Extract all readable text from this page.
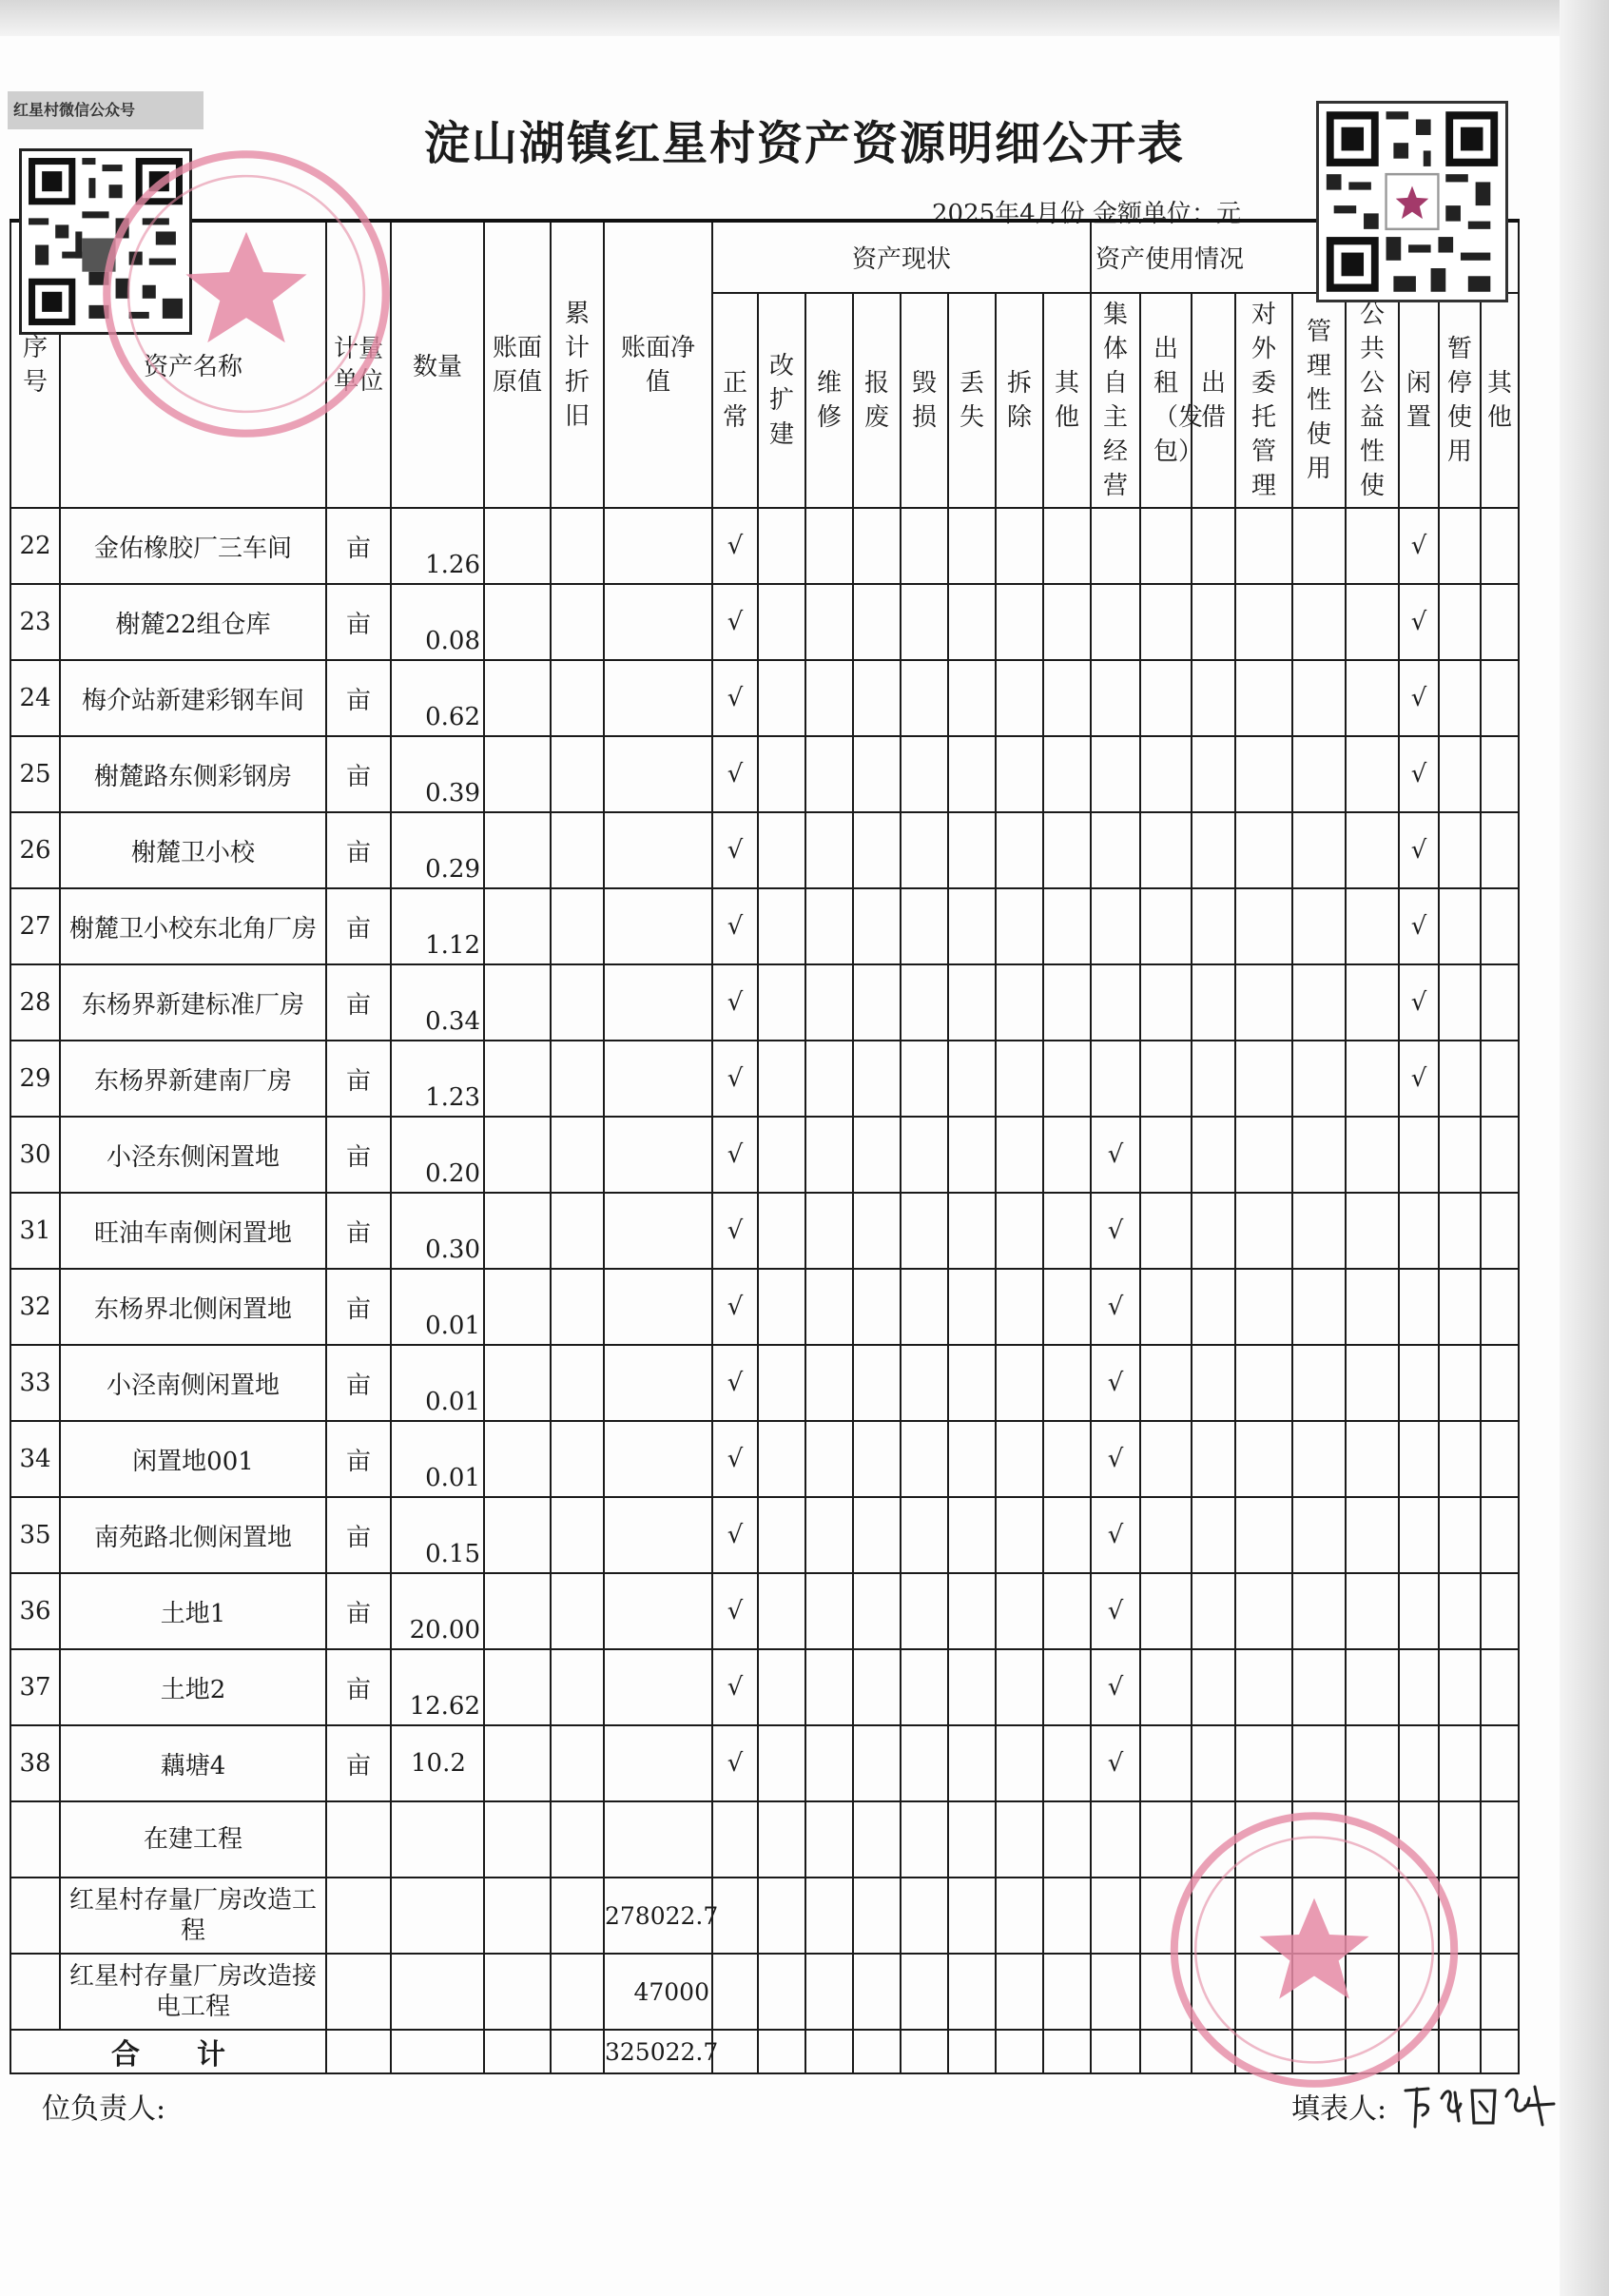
红星村微信公众号
淀山湖镇红星村资产资源明细公开表
2025年4月份 金额单位：元
序号	资产名称	计量单位	数量	账面原值	累计折旧	账面净值	资产现状								资产使用情况								

							正常	改扩建	维修	报废	毁损	丢失	拆除	其他	集体自主经营	出租（发包）	出借	对外委托管理	管理性使用	公共公益性使	闲置	暂停使用	其他

22	金佑橡胶厂三车间	亩	1.26				√														√		
23	榭麓22组仓库	亩	0.08				√														√		
24	梅介站新建彩钢车间	亩	0.62				√														√		
25	榭麓路东侧彩钢房	亩	0.39				√														√		
26	榭麓卫小校	亩	0.29				√														√		
27	榭麓卫小校东北角厂房	亩	1.12				√														√		
28	东杨界新建标准厂房	亩	0.34				√														√		
29	东杨界新建南厂房	亩	1.23				√														√		
30	小泾东侧闲置地	亩	0.20				√								√								
31	旺油车南侧闲置地	亩	0.30				√								√								
32	东杨界北侧闲置地	亩	0.01				√								√								
33	小泾南侧闲置地	亩	0.01				√								√								
34	闲置地001	亩	0.01				√								√								
35	南苑路北侧闲置地	亩	0.15				√								√								
36	土地1	亩	20.00				√								√								
37	土地2	亩	12.62				√								√								
38	藕塘4	亩	10.2				√								√								
	在建工程																						
	红星村存量厂房改造工程					278022.7																	
	红星村存量厂房改造接电工程					47000																	
合　　计						325022.7																	
位负责人:	填表人:
